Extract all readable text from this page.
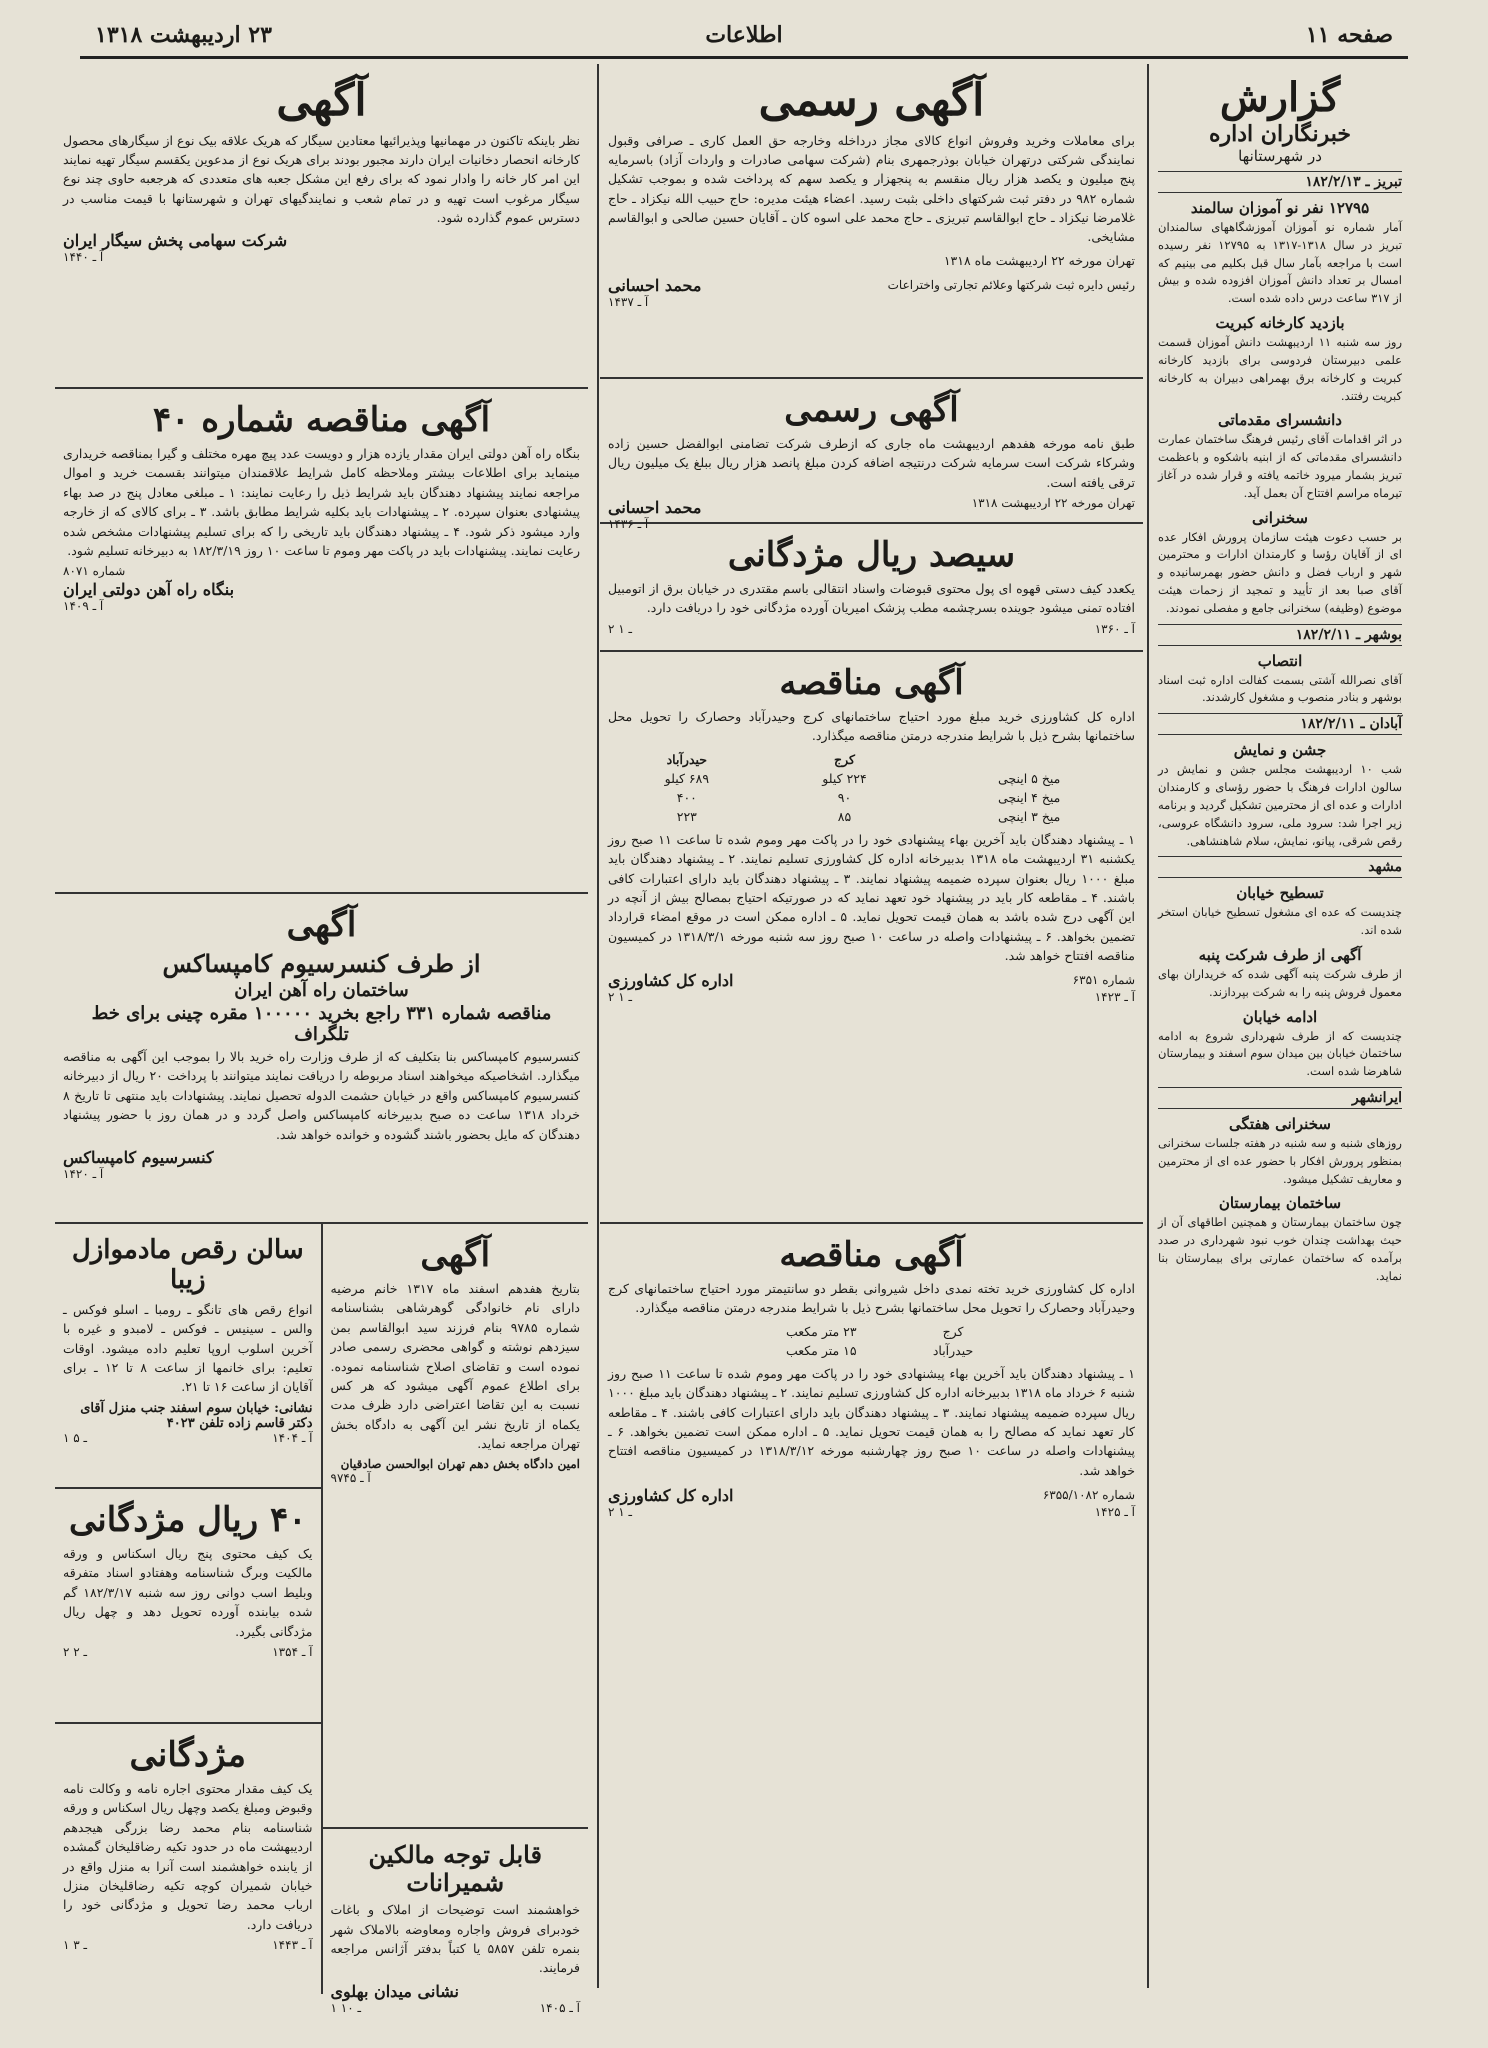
صفحه ۱۱
اطلاعات
۲۳ اردیبهشت ۱۳۱۸
گزارش
خبرنگاران اداره
در شهرستانها
تبریز ـ ۱۸۲/۲/۱۳
۱۲۷۹۵ نفر نو آموزان سالمند

آمار شماره نو آموزان آموزشگاههای سالمندان تبریز در سال ۱۳۱۸-۱۳۱۷ به ۱۲۷۹۵ نفر رسیده است با مراجعه بآمار سال قبل بکلیم می بینیم که امسال بر تعداد دانش آموزان افزوده شده و بیش از ۳۱۷ ساعت درس داده شده است.

بازدید کارخانه کبریت

روز سه شنبه ۱۱ اردیبهشت دانش آموزان قسمت علمی دبیرستان فردوسی برای بازدید کارخانه کبریت و کارخانه برق بهمراهی دبیران به کارخانه کبریت رفتند.

دانشسرای مقدماتی

در اثر اقدامات آقای رئیس فرهنگ ساختمان عمارت دانشسرای مقدماتی که از ابنیه باشکوه و باعظمت تبریز بشمار میرود خاتمه یافته و قرار شده در آغاز تیرماه مراسم افتتاح آن بعمل آید.

سخنرانی

بر حسب دعوت هیئت سازمان پرورش افکار عده ای از آقایان رؤسا و کارمندان ادارات و محترمین شهر و ارباب فضل و دانش حضور بهمرسانیده و آقای صبا بعد از تأیید و تمجید از زحمات هیئت موضوع (وظیفه) سخنرانی جامع و مفصلی نمودند.

بوشهر ـ ۱۸۲/۲/۱۱
انتصاب

آقای نصرالله آشتی بسمت کفالت اداره ثبت اسناد بوشهر و بنادر منصوب و مشغول کارشدند.

آبادان ـ ۱۸۲/۲/۱۱
جشن و نمایش

شب ۱۰ اردیبهشت مجلس جشن و نمایش در سالون ادارات فرهنگ با حضور رؤسای و کارمندان ادارات و عده ای از محترمین تشکیل گردید و برنامه زیر اجرا شد: سرود ملی، سرود دانشگاه عروسی، رقص شرقی، پیانو، نمایش، سلام شاهنشاهی.

مشهد
تسطیح خیابان

چندیست که عده ای مشغول تسطیح خیابان استخر شده اند.

آگهی از طرف شرکت پنبه

از طرف شرکت پنبه آگهی شده که خریداران بهای معمول فروش پنبه را به شرکت بپردازند.

ادامه خیابان

چندیست که از طرف شهرداری شروع به ادامه ساختمان خیابان بین میدان سوم اسفند و بیمارستان شاهرضا شده است.

ایرانشهر
سخنرانی هفتگی

روزهای شنبه و سه شنبه در هفته جلسات سخنرانی بمنظور پرورش افکار با حضور عده ای از محترمین و معاریف تشکیل میشود.

ساختمان بیمارستان

چون ساختمان بیمارستان و همچنین اطاقهای آن از حیث بهداشت چندان خوب نبود شهرداری در صدد برآمده که ساختمان عمارتی برای بیمارستان بنا نماید.

آگهی رسمی

برای معاملات وخرید وفروش انواع کالای مجاز درداخله وخارجه حق العمل کاری ـ صرافی وقبول نمایندگی شرکتی درتهران خیابان بوذرجمهری بنام (شرکت سهامی صادرات و واردات آزاد) باسرمایه پنج میلیون و یکصد هزار ریال منقسم به پنجهزار و یکصد سهم که پرداخت شده و بموجب تشکیل شماره ۹۸۲ در دفتر ثبت شرکتهای داخلی بثبت رسید. اعضاء هیئت مدیره: حاج حبیب الله نیکزاد ـ حاج غلامرضا نیکزاد ـ حاج ابوالقاسم تبریزی ـ حاج محمد علی اسوه کان ـ آقایان حسین صالحی و ابوالقاسم مشایخی.

تهران مورخه ۲۲ اردیبهشت ماه ۱۳۱۸

رئیس دایره ثبت شرکتها وعلائم تجارتی واختراعات
محمد احسانی
آ ـ ۱۴۳۷
آگهی رسمی

طبق نامه مورخه هفدهم اردیبهشت ماه جاری که ازطرف شرکت تضامنی ابوالفضل حسین زاده وشرکاء شرکت است سرمایه شرکت درنتیجه اضافه کردن مبلغ پانصد هزار ریال ببلغ یک میلیون ریال ترقی یافته است.

تهران مورخه ۲۲ اردیبهشت ۱۳۱۸
محمد احسانی
آ ـ ۱۴۳۶
سیصد ریال مژدگانی

یکعدد کیف دستی قهوه ای پول محتوی قبوضات واسناد انتقالی باسم مقتدری در خیابان برق از اتومبیل افتاده تمنی میشود جوینده بسرچشمه مطب پزشک امیریان آورده مژدگانی خود را دریافت دارد.

۲ ـ ۱	آ ـ ۱۳۶۰
آگهی مناقصه

اداره کل کشاورزی خرید مبلغ مورد احتیاج ساختمانهای کرج وحیدرآباد وحصارک را تحویل محل ساختمانها بشرح ذیل با شرایط مندرجه درمتن مناقصه میگذارد.

	کرج	حیدرآباد
میخ ۵ اینچی	۲۲۴ کیلو	۶۸۹ کیلو
میخ ۴ اینچی	۹۰	۴۰۰
میخ ۳ اینچی	۸۵	۲۲۳

۱ ـ پیشنهاد دهندگان باید آخرین بهاء پیشنهادی خود را در پاکت مهر وموم شده تا ساعت ۱۱ صبح روز یکشنبه ۳۱ اردیبهشت ماه ۱۳۱۸ بدبیرخانه اداره کل کشاورزی تسلیم نمایند. ۲ ـ پیشنهاد دهندگان باید مبلغ ۱۰۰۰ ریال بعنوان سپرده ضمیمه پیشنهاد نمایند. ۳ ـ پیشنهاد دهندگان باید دارای اعتبارات کافی باشند. ۴ ـ مقاطعه کار باید در پیشنهاد خود تعهد نماید که در صورتیکه احتیاج بمصالح بیش از آنچه در این آگهی درج شده باشد به همان قیمت تحویل نماید. ۵ ـ اداره ممکن است در موقع امضاء قرارداد تضمین بخواهد. ۶ ـ پیشنهادات واصله در ساعت ۱۰ صبح روز سه شنبه مورخه ۱۳۱۸/۳/۱ در کمیسیون مناقصه افتتاح خواهد شد.

شماره ۶۳۵۱
اداره کل کشاورزی
۲ ـ ۱	آ ـ ۱۴۲۳
آگهی مناقصه

اداره کل کشاورزی خرید تخته نمدی داخل شیروانی بقطر دو سانتیمتر مورد احتیاج ساختمانهای کرج وحیدرآباد وحصارک را تحویل محل ساختمانها بشرح ذیل با شرایط مندرجه درمتن مناقصه میگذارد.

کرج	۲۳ متر مکعب
حیدرآباد	۱۵ متر مکعب

۱ ـ پیشنهاد دهندگان باید آخرین بهاء پیشنهادی خود را در پاکت مهر وموم شده تا ساعت ۱۱ صبح روز شنبه ۶ خرداد ماه ۱۳۱۸ بدبیرخانه اداره کل کشاورزی تسلیم نمایند. ۲ ـ پیشنهاد دهندگان باید مبلغ ۱۰۰۰ ریال سپرده ضمیمه پیشنهاد نمایند. ۳ ـ پیشنهاد دهندگان باید دارای اعتبارات کافی باشند. ۴ ـ مقاطعه کار تعهد نماید که مصالح را به همان قیمت تحویل نماید. ۵ ـ اداره ممکن است تضمین بخواهد. ۶ ـ پیشنهادات واصله در ساعت ۱۰ صبح روز چهارشنبه مورخه ۱۳۱۸/۳/۱۲ در کمیسیون مناقصه افتتاح خواهد شد.

شماره ۶۳۵۵/۱۰۸۲
اداره کل کشاورزی
۲ ـ ۱	آ ـ ۱۴۲۵
آگهی

نظر باینکه تاکنون در مهمانیها وپذیرائیها معتادین سیگار که هریک علاقه بیک نوع از سیگارهای محصول کارخانه انحصار دخانیات ایران دارند مجبور بودند برای هریک نوع از مدعوین یکقسم سیگار تهیه نمایند این امر کار خانه را وادار نمود که برای رفع این مشکل جعبه های متعددی که هرجعبه حاوی چند نوع سیگار مرغوب است تهیه و در تمام شعب و نمایندگیهای تهران و شهرستانها با قیمت مناسب در دسترس عموم گذارده شود.

شرکت سهامی پخش سیگار ایران
آ ـ ۱۴۴۰
آگهی مناقصه شماره ۴۰

بنگاه راه آهن دولتی ایران مقدار یازده هزار و دویست عدد پیچ مهره مختلف و گیرا بمناقصه خریداری مینماید برای اطلاعات بیشتر وملاحظه کامل شرایط علاقمندان میتوانند بقسمت خرید و اموال مراجعه نمایند پیشنهاد دهندگان باید شرایط ذیل را رعایت نمایند: ۱ ـ مبلغی معادل پنج در صد بهاء پیشنهادی بعنوان سپرده. ۲ ـ پیشنهادات باید بکلیه شرایط مطابق باشد. ۳ ـ برای کالای که از خارجه وارد میشود ذکر شود. ۴ ـ پیشنهاد دهندگان باید تاریخی را که برای تسلیم پیشنهادات مشخص شده رعایت نمایند. پیشنهادات باید در پاکت مهر وموم تا ساعت ۱۰ روز ۱۸۲/۳/۱۹ به دبیرخانه تسلیم شود.

شماره ۸۰۷۱
بنگاه راه آهن دولتی ایران
آ ـ ۱۴۰۹
آگهی
از طرف کنسرسیوم کامپساکس
ساختمان راه آهن ایران
مناقصه شماره ۳۳۱ راجع بخرید ۱۰۰۰۰۰ مقره چینی برای خط تلگراف

کنسرسیوم کامپساکس بنا بتکلیف که از طرف وزارت راه خرید بالا را بموجب این آگهی به مناقصه میگذارد. اشخاصیکه میخواهند اسناد مربوطه را دریافت نمایند میتوانند با پرداخت ۲۰ ریال از دبیرخانه کنسرسیوم کامپساکس واقع در خیابان حشمت الدوله تحصیل نمایند. پیشنهادات باید منتهی تا تاریخ ۸ خرداد ۱۳۱۸ ساعت ده صبح بدبیرخانه کامپساکس واصل گردد و در همان روز با حضور پیشنهاد دهندگان که مایل بحضور باشند گشوده و خوانده خواهد شد.

کنسرسیوم کامپساکس
آ ـ ۱۴۲۰
آگهی

بتاریخ هفدهم اسفند ماه ۱۳۱۷ خانم مرضیه دارای نام خانوادگی گوهرشاهی بشناسنامه شماره ۹۷۸۵ بنام فرزند سید ابوالقاسم بمن سیزدهم نوشته و گواهی محضری رسمی صادر نموده است و تقاضای اصلاح شناسنامه نموده. برای اطلاع عموم آگهی میشود که هر کس نسبت به این تقاضا اعتراضی دارد ظرف مدت یکماه از تاریخ نشر این آگهی به دادگاه بخش تهران مراجعه نماید.

امین دادگاه بخش دهم تهران ابوالحسن صادقیان
آ ـ ۹۷۴۵
قابل توجه مالکین شمیرانات

خواهشمند است توضیحات از املاک و باغات خودبرای فروش واجاره ومعاوضه بالاملاک شهر بنمره تلفن ۵۸۵۷ یا کتباً بدفتر آژانس مراجعه فرمایند.

نشانی میدان بهلوی
۱ ـ ۱۰	آ ـ ۱۴۰۵
سالن رقص مادموازل زیبا

انواع رقص های تانگو ـ رومبا ـ اسلو فوکس ـ والس ـ سینیس ـ فوکس ـ لامبدو و غیره با آخرین اسلوب اروپا تعلیم داده میشود. اوقات تعلیم: برای خانمها از ساعت ۸ تا ۱۲ ـ برای آقایان از ساعت ۱۶ تا ۲۱.

نشانی: خیابان سوم اسفند جنب منزل آقای دکتر قاسم زاده تلفن ۴۰۲۳
۱ ـ ۵	آ ـ ۱۴۰۴
۴۰ ریال مژدگانی

یک کیف محتوی پنج ریال اسکناس و ورقه مالکیت وبرگ شناسنامه وهفتادو اسناد متفرقه وبلیط اسب دوانی روز سه شنبه ۱۸۲/۳/۱۷ گم شده بیابنده آورده تحویل دهد و چهل ریال مژدگانی بگیرد.

۲ ـ ۲	آ ـ ۱۳۵۴
مژدگانی

یک کیف مقدار محتوی اجاره نامه و وکالت نامه وقبوض ومبلغ یکصد وچهل ریال اسکناس و ورقه شناسنامه بنام محمد رضا بزرگی هیجدهم اردیبهشت ماه در حدود تکیه رضاقلیخان گمشده از یابنده خواهشمند است آنرا به منزل واقع در خیابان شمیران کوچه تکیه رضاقلیخان منزل ارباب محمد رضا تحویل و مژدگانی خود را دریافت دارد.

۱ ـ ۳	آ ـ ۱۴۴۳
